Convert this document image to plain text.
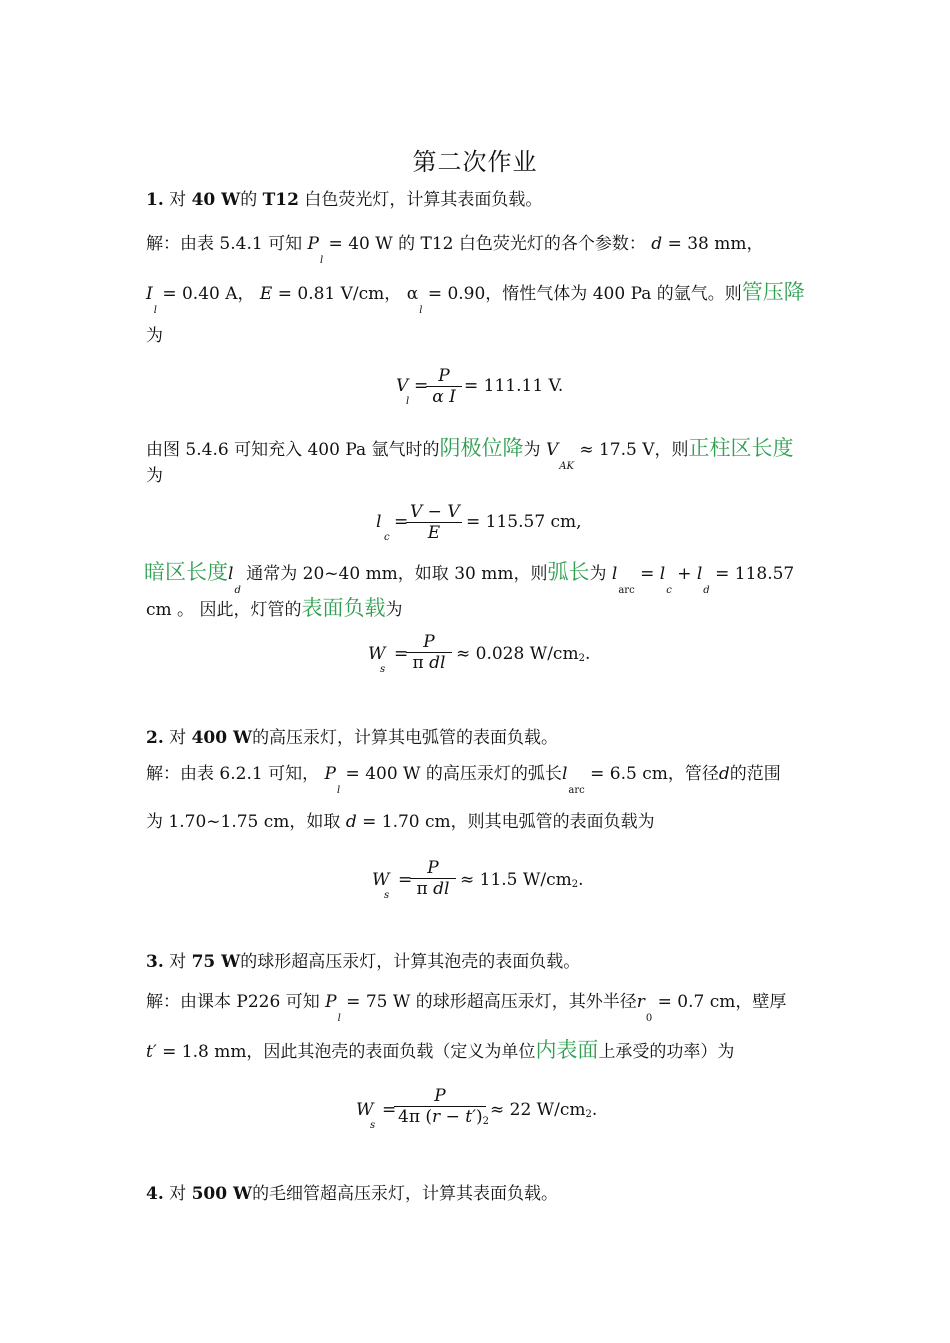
第二次作业
1. 对 40 W的 T12 白色荧光灯，计算其表面负载。
解：由表 5.4.1 可知 $P_l = 40$ W 的 T12 白色荧光灯的各个参数： d = 38 mm，
$I_l = 0.40$ A， E = 0.81 V/cm， $\alpha_l = 0.90$，惰性气体为 400 Pa 的氩气。则管压降
为
V
l
= P
α I
= 111.11 V.
由图 5.4.6 可知充入 400 Pa 氩气时的阴极位降为 $V_{AK} \approx 17.5$ V，则正柱区长度
为
l
c
= V − V
E
= 115.57 cm,
暗区长度$l_d$ 通常为 20~40 mm，如取 30 mm，则弧长为 $l_{arc} = l_c + l_d = 118.57$
cm 。 因此，灯管的表面负载为
W
s
=
P
π dl ≈ 0.028 W/cm2.
2. 对 400 W的高压汞灯，计算其电弧管的表面负载。
解：由表 6.2.1 可知， $P_l = 400$ W 的高压汞灯的弧长$l_{arc} = 6.5$ cm，管径d的范围
为 1.70~1.75 cm，如取 d = 1.70 cm，则其电弧管的表面负载为
W
s
=
P
π dl ≈ 11.5 W/cm2.
3. 对 75 W的球形超高压汞灯，计算其泡壳的表面负载。
解：由课本 P226 可知 $P_l = 75$ W 的球形超高压汞灯，其外半径$r_0 = 0.7$ cm，壁厚
t′ = 1.8 mm，因此其泡壳的表面负载（定义为单位内表面上承受的功率）为
W
s
=
P
4π (r − t′)2
≈ 22 W/cm2.
4. 对 500 W的毛细管超高压汞灯，计算其表面负载。
